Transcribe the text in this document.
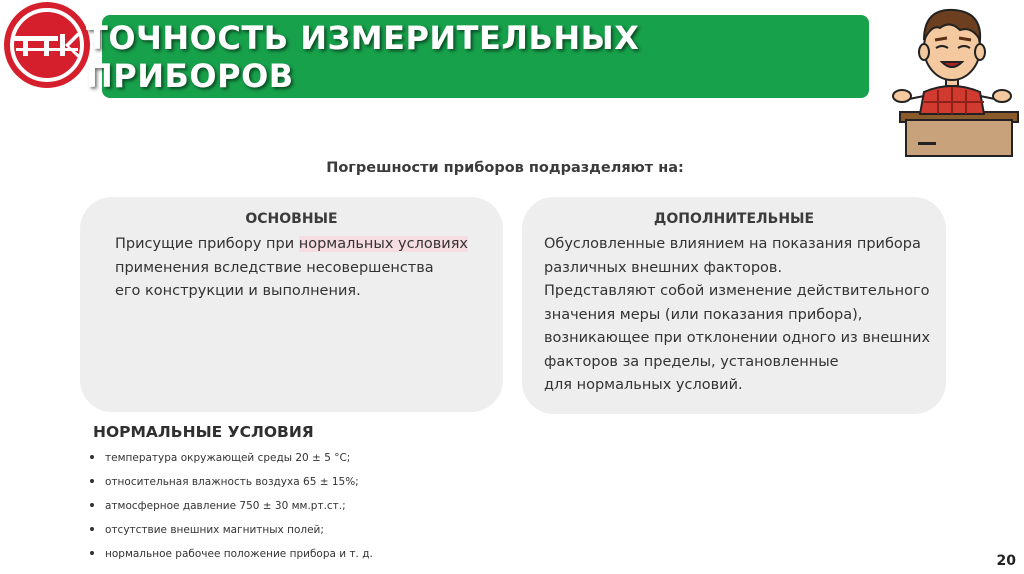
ТОЧНОСТЬ ИЗМЕРИТЕЛЬНЫХ ПРИБОРОВ
Погрешности приборов подразделяют на:
ОСНОВНЫЕ
Присущие прибору при нормальных условиях
применения вследствие несовершенства
его конструкции и выполнения.
ДОПОЛНИТЕЛЬНЫЕ
Обусловленные влиянием на показания прибора
различных внешних факторов.
Представляют собой изменение действительного
значения меры (или показания прибора),
возникающее при отклонении одного из внешних
факторов за пределы, установленные
для нормальных условий.
НОРМАЛЬНЫЕ УСЛОВИЯ
температура окружающей среды 20 ± 5 °С;
относительная влажность воздуха 65 ± 15%;
атмосферное давление 750 ± 30 мм.рт.ст.;
отсутствие внешних магнитных полей;
нормальное рабочее положение прибора и т. д.	20
